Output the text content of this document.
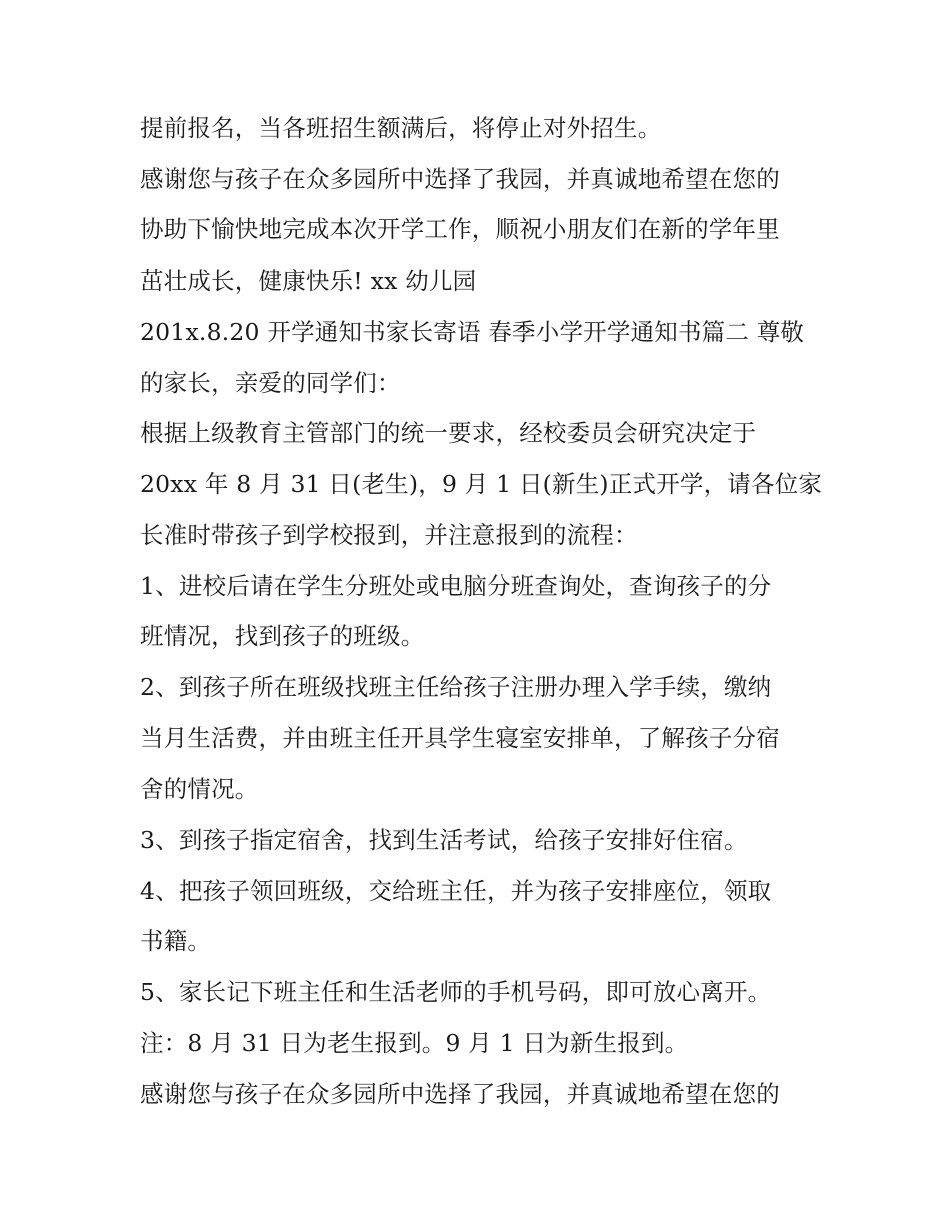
提前报名，当各班招生额满后，将停止对外招生。

感谢您与孩子在众多园所中选择了我园，并真诚地希望在您的

协助下愉快地完成本次开学工作，顺祝小朋友们在新的学年里

茁壮成长，健康快乐! xx 幼儿园

201x.8.20 开学通知书家长寄语 春季小学开学通知书篇二 尊敬

的家长，亲爱的同学们：

根据上级教育主管部门的统一要求，经校委员会研究决定于

20xx 年 8 月 31 日(老生)，9 月 1 日(新生)正式开学，请各位家

长准时带孩子到学校报到，并注意报到的流程：

1、进校后请在学生分班处或电脑分班查询处，查询孩子的分

班情况，找到孩子的班级。

2、到孩子所在班级找班主任给孩子注册办理入学手续，缴纳

当月生活费，并由班主任开具学生寝室安排单，了解孩子分宿

舍的情况。

3、到孩子指定宿舍，找到生活考试，给孩子安排好住宿。

4、把孩子领回班级，交给班主任，并为孩子安排座位，领取

书籍。

5、家长记下班主任和生活老师的手机号码，即可放心离开。

注：8 月 31 日为老生报到。9 月 1 日为新生报到。

感谢您与孩子在众多园所中选择了我园，并真诚地希望在您的
